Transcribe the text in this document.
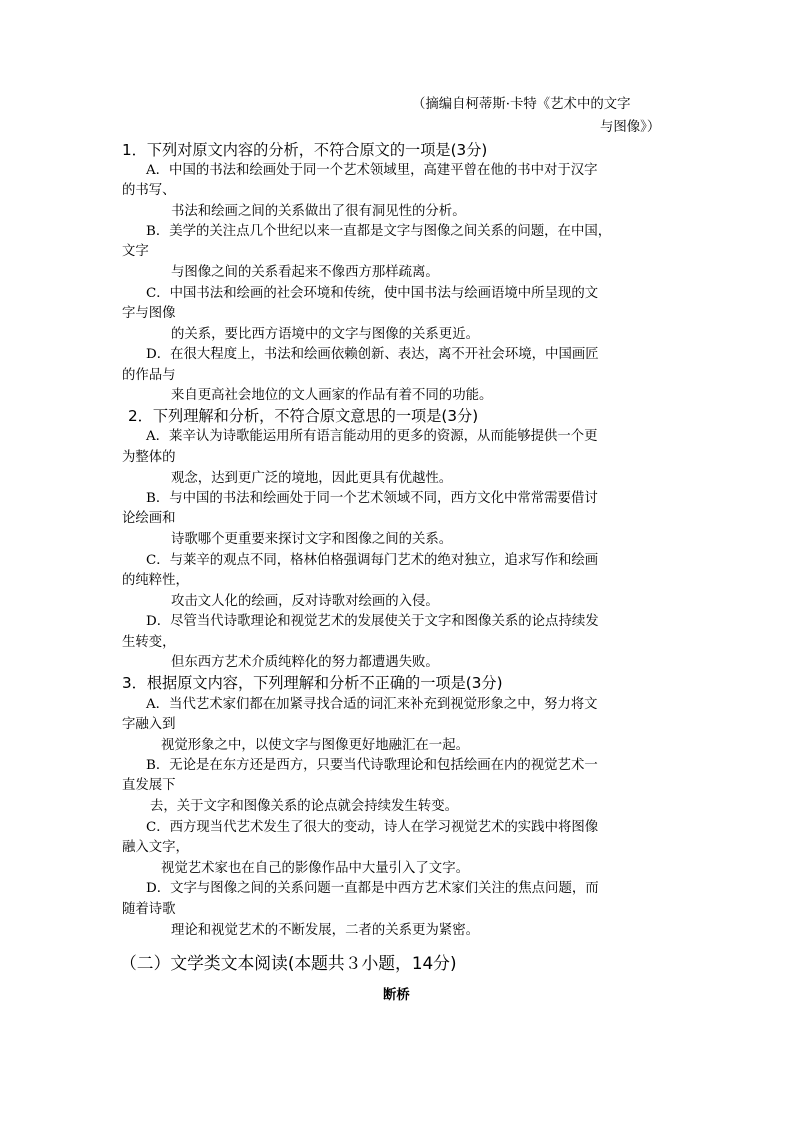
（摘编自柯蒂斯·卡特《艺术中的文字
与图像》）
1．下列对原文内容的分析，不符合原文的一项是(3分)
A．中国的书法和绘画处于同一个艺术领域里，高建平曾在他的书中对于汉字
的书写、
书法和绘画之间的关系做出了很有洞见性的分析。
B．美学的关注点几个世纪以来一直都是文字与图像之间关系的问题，在中国，
文字
与图像之间的关系看起来不像西方那样疏离。
C．中国书法和绘画的社会环境和传统，使中国书法与绘画语境中所呈现的文
字与图像
的关系，要比西方语境中的文字与图像的关系更近。
D．在很大程度上，书法和绘画依赖创新、表达，离不开社会环境，中国画匠
的作品与
来自更高社会地位的文人画家的作品有着不同的功能。
2．下列理解和分析，不符合原文意思的一项是(3分)
A．莱辛认为诗歌能运用所有语言能动用的更多的资源，从而能够提供一个更
为整体的
观念，达到更广泛的境地，因此更具有优越性。
B．与中国的书法和绘画处于同一个艺术领域不同，西方文化中常常需要借讨
论绘画和
诗歌哪个更重要来探讨文字和图像之间的关系。
C．与莱辛的观点不同，格林伯格强调每门艺术的绝对独立，追求写作和绘画
的纯粹性，
攻击文人化的绘画，反对诗歌对绘画的入侵。
D．尽管当代诗歌理论和视觉艺术的发展使关于文字和图像关系的论点持续发
生转变，
但东西方艺术介质纯粹化的努力都遭遇失败。
3．根据原文内容，下列理解和分析不正确的一项是(3分)
A．当代艺术家们都在加紧寻找合适的词汇来补充到视觉形象之中，努力将文
字融入到
视觉形象之中，以使文字与图像更好地融汇在一起。
B．无论是在东方还是西方，只要当代诗歌理论和包括绘画在内的视觉艺术一
直发展下
去，关于文字和图像关系的论点就会持续发生转变。
C．西方现当代艺术发生了很大的变动，诗人在学习视觉艺术的实践中将图像
融入文字，
视觉艺术家也在自己的影像作品中大量引入了文字。
D．文字与图像之间的关系问题一直都是中西方艺术家们关注的焦点问题，而
随着诗歌
理论和视觉艺术的不断发展，二者的关系更为紧密。
（二）文学类文本阅读(本题共３小题，14分)
断桥
